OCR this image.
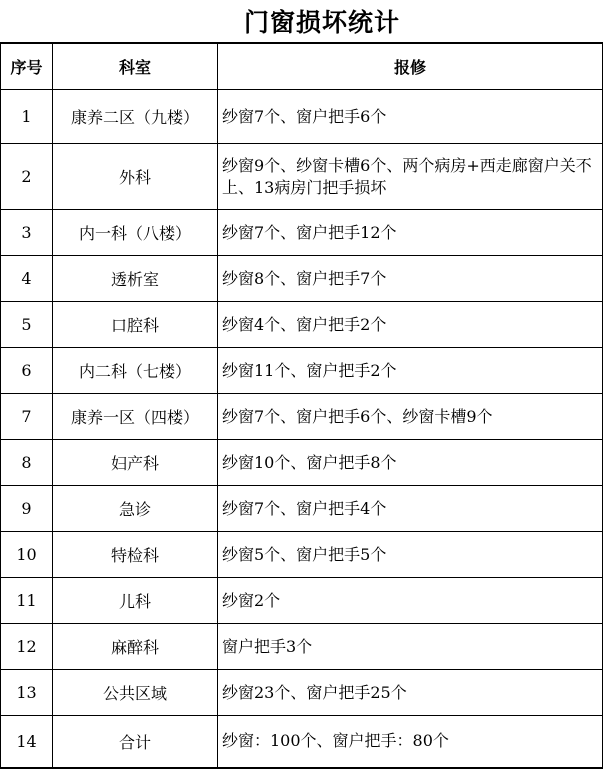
门窗损坏统计
序号	科室	报修
1	康养二区（九楼）	纱窗7个、窗户把手6个
2	外科	纱窗9个、纱窗卡槽6个、两个病房+西走廊窗户关不上、13病房门把手损坏
3	内一科（八楼）	纱窗7个、窗户把手12个
4	透析室	纱窗8个、窗户把手7个
5	口腔科	纱窗4个、窗户把手2个
6	内二科（七楼）	纱窗11个、窗户把手2个
7	康养一区（四楼）	纱窗7个、窗户把手6个、纱窗卡槽9个
8	妇产科	纱窗10个、窗户把手8个
9	急诊	纱窗7个、窗户把手4个
10	特检科	纱窗5个、窗户把手5个
11	儿科	纱窗2个
12	麻醉科	窗户把手3个
13	公共区域	纱窗23个、窗户把手25个
14	合计	纱窗：100个、窗户把手：80个
